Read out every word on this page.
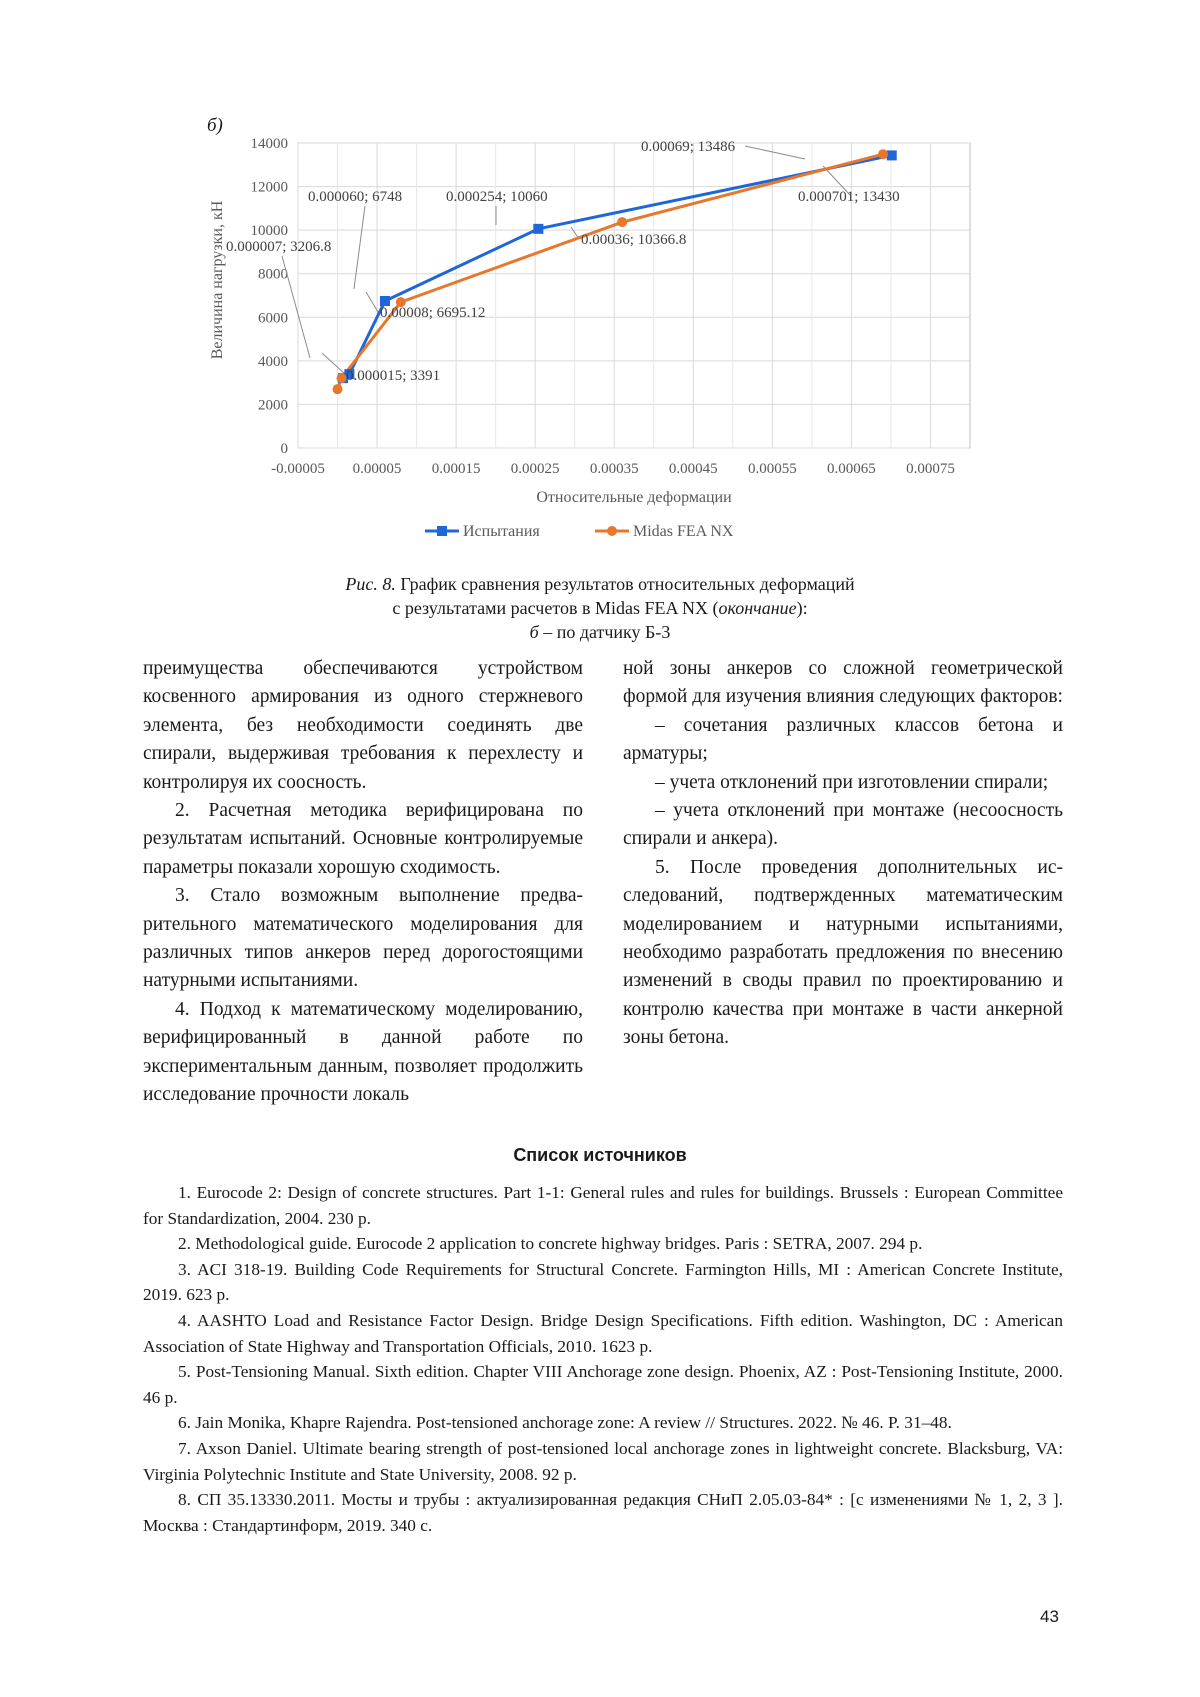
б)
-0.00005 0.00005 0.00015 0.00025 0.00035 0.00045 0.00055 0.00065 0.00075
0
2000
4000
6000
8000
10000
12000
14000
0.000007; 3206.8
0.000015; 3391
0.000060; 6748	0.000254; 10060	0.000701; 13430
0.00008; 6695.12
0.00036; 10366.8
0.00069; 13486
Относительные деформации
Величина нагрузки, кН
Испытания	Midas FEA NX
Рис. 8. График сравнения результатов относительных деформаций
с результатами расчетов в Midas FEA NX (окончание):
б – по датчику Б-3

преимущества обеспечиваются устройством косвенного армирования из одного стержневого элемента, без необходимости соединять две спирали, выдерживая требования к перехлесту и контролируя их соосность.

2. Расчетная методика верифицирована по результатам испытаний. Основные контролируемые параметры показали хорошую сходимость.

3. Стало возможным выполнение предварительного математического моделирования для различных типов анкеров перед дорогостоящими натурными испытаниями.

4. Подход к математическому моделированию, верифицированный в данной работе по экспериментальным данным, позволяет продолжить исследование прочности локаль

ной зоны анкеров со сложной геометрической формой для изучения влияния следующих факторов:

– сочетания различных классов бетона и арматуры;

– учета отклонений при изготовлении спирали;

– учета отклонений при монтаже (несоосность спирали и анкера).

5. После проведения дополнительных исследований, подтвержденных математическим моделированием и натурными испытаниями, необходимо разработать предложения по внесению изменений в своды правил по проектированию и контролю качества при монтаже в части анкерной зоны бетона.

Список источников

1. Eurocode 2: Design of concrete structures. Part 1-1: General rules and rules for buildings. Brussels : European Committee for Standardization, 2004. 230 p.

2. Methodological guide. Eurocode 2 application to concrete highway bridges. Paris : SETRA, 2007. 294 p.

3. ACI 318-19. Building Code Requirements for Structural Concrete. Farmington Hills, MI : American Concrete Institute, 2019. 623 p.

4. AASHTO Load and Resistance Factor Design. Bridge Design Specifications. Fifth edition. Washington, DC : American Association of State Highway and Transportation Officials, 2010. 1623 p.

5. Post-Tensioning Manual. Sixth edition. Chapter VIII Anchorage zone design. Phoenix, AZ : Post-Tensioning Institute, 2000. 46 p.

6. Jain Monika, Khapre Rajendra. Post-tensioned anchorage zone: A review // Structures. 2022. № 46. P. 31–48.

7. Axson Daniel. Ultimate bearing strength of post-tensioned local anchorage zones in lightweight concrete. Blacksburg, VA: Virginia Polytechnic Institute and State University, 2008. 92 p.

8. СП 35.13330.2011. Мосты и трубы : актуализированная редакция СНиП 2.05.03-84* : [с изменениями № 1, 2, 3 ]. Москва : Стандартинформ, 2019. 340 с.

43
